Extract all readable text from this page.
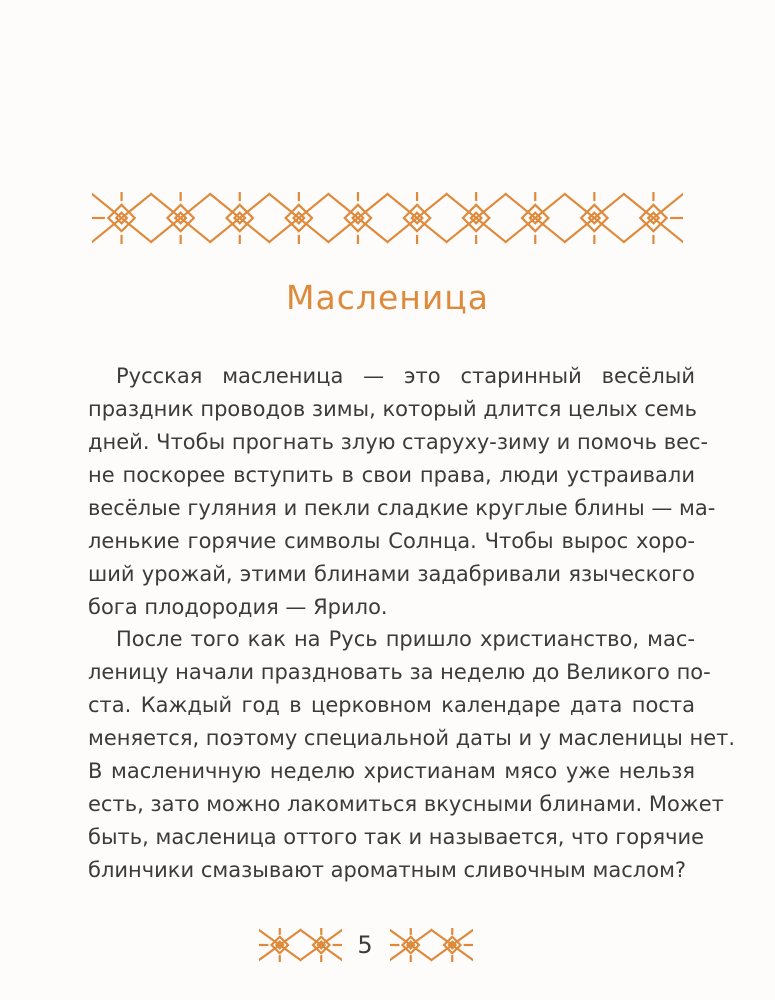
Масленица
Русская масленица — это старинный весёлый
праздник проводов зимы, который длится целых семь
дней. Чтобы прогнать злую старуху-зиму и помочь вес-
не поскорее вступить в свои права, люди устраивали
весёлые гуляния и пекли сладкие круглые блины — ма-
ленькие горячие символы Солнца. Чтобы вырос хоро-
ший урожай, этими блинами задабривали языческого
бога плодородия — Ярило.
После того как на Русь пришло христианство, мас-
леницу начали праздновать за неделю до Великого по-
ста. Каждый год в церковном календаре дата поста
меняется, поэтому специальной даты и у масленицы нет.
В масленичную неделю христианам мясо уже нельзя
есть, зато можно лакомиться вкусными блинами. Может
быть, масленица оттого так и называется, что горячие
блинчики смазывают ароматным сливочным маслом?
5
